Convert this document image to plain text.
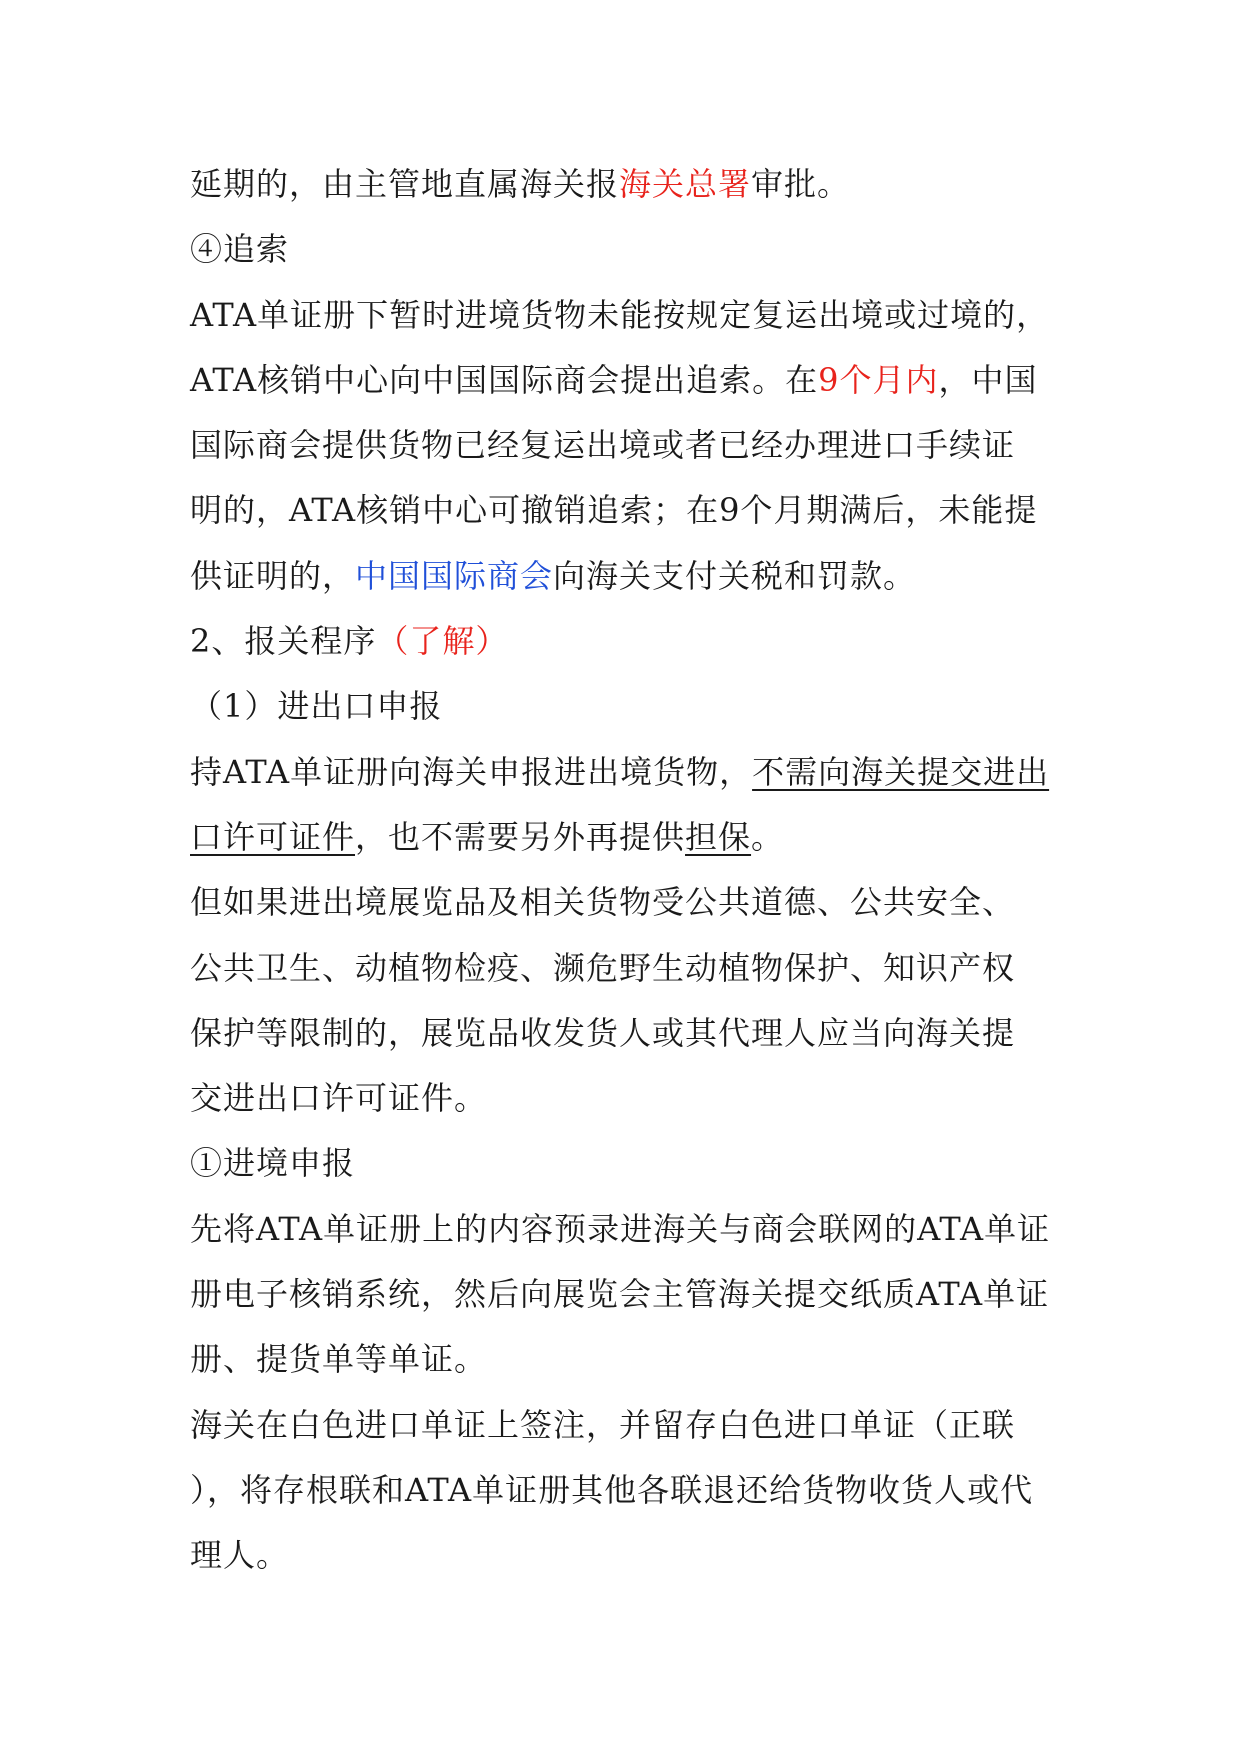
延期的，由主管地直属海关报海关总署审批。
④追索
ATA单证册下暂时进境货物未能按规定复运出境或过境的，
ATA核销中心向中国国际商会提出追索。在9个月内，中国
国际商会提供货物已经复运出境或者已经办理进口手续证
明的，ATA核销中心可撤销追索；在9个月期满后，未能提
供证明的，中国国际商会向海关支付关税和罚款。
2、报关程序（了解）
（1）进出口申报
持ATA单证册向海关申报进出境货物，不需向海关提交进出
口许可证件，也不需要另外再提供担保。
但如果进出境展览品及相关货物受公共道德、公共安全、
公共卫生、动植物检疫、濒危野生动植物保护、知识产权
保护等限制的，展览品收发货人或其代理人应当向海关提
交进出口许可证件。
①进境申报
先将ATA单证册上的内容预录进海关与商会联网的ATA单证
册电子核销系统，然后向展览会主管海关提交纸质ATA单证
册、提货单等单证。
海关在白色进口单证上签注，并留存白色进口单证（正联
），将存根联和ATA单证册其他各联退还给货物收货人或代
理人。
